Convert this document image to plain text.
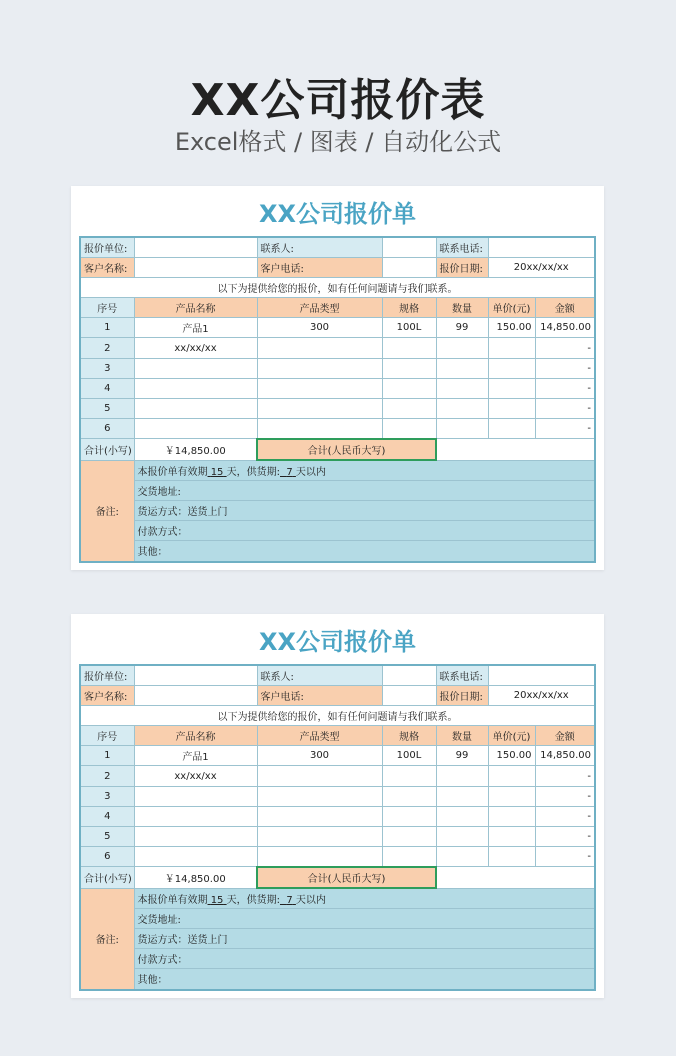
XX公司报价表
Excel格式 / 图表 / 自动化公式
XX公司报价单
报价单位:		联系人:		联系电话:		
客户名称:		客户电话:		报价日期:	20xx/xx/xx	
以下为提供给您的报价，如有任何问题请与我们联系。						
序号	产品名称	产品类型	规格	数量	单价(元)	金额
1	产品1	300	100L	99	150.00	14,850.00
2	xx/xx/xx					-
3						-
4						-
5						-
6						-
合计(小写)	￥14,850.00	合计(人民币大写)				
备注:	本报价单有效期 15 天，供货期: 7 天以内					
	交货地址:					
	货运方式：送货上门					
	付款方式：					
	其他：					
XX公司报价单
报价单位:		联系人:		联系电话:		
客户名称:		客户电话:		报价日期:	20xx/xx/xx	
以下为提供给您的报价，如有任何问题请与我们联系。						
序号	产品名称	产品类型	规格	数量	单价(元)	金额
1	产品1	300	100L	99	150.00	14,850.00
2	xx/xx/xx					-
3						-
4						-
5						-
6						-
合计(小写)	￥14,850.00	合计(人民币大写)				
备注:	本报价单有效期 15 天，供货期: 7 天以内					
	交货地址:					
	货运方式：送货上门					
	付款方式：					
	其他：					
